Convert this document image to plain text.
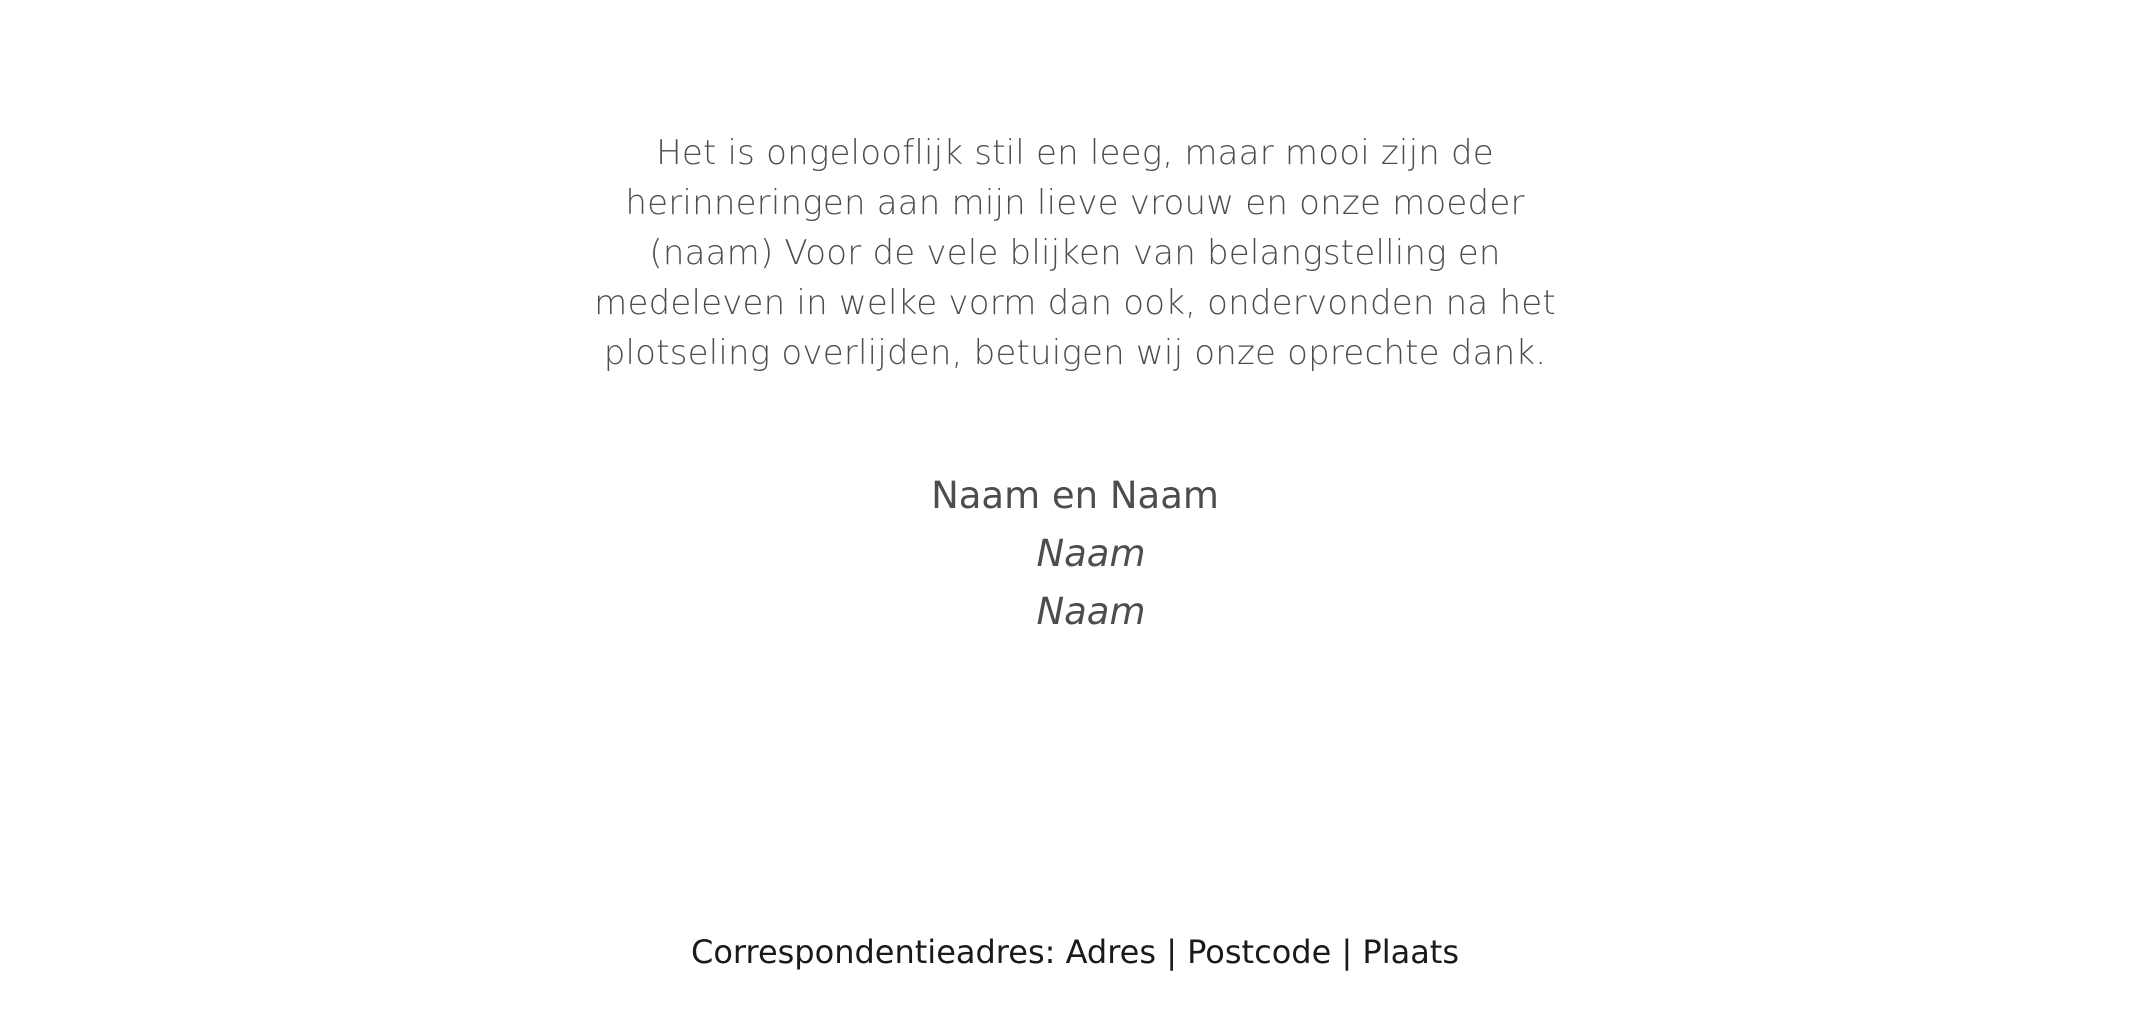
Het is ongelooflijk stil en leeg, maar mooi zijn de
herinneringen aan mijn lieve vrouw en onze moeder
(naam) Voor de vele blijken van belangstelling en
medeleven in welke vorm dan ook, ondervonden na het
plotseling overlijden, betuigen wij onze oprechte dank.
Naam en Naam
Naam
Naam
Correspondentieadres: Adres | Postcode | Plaats
